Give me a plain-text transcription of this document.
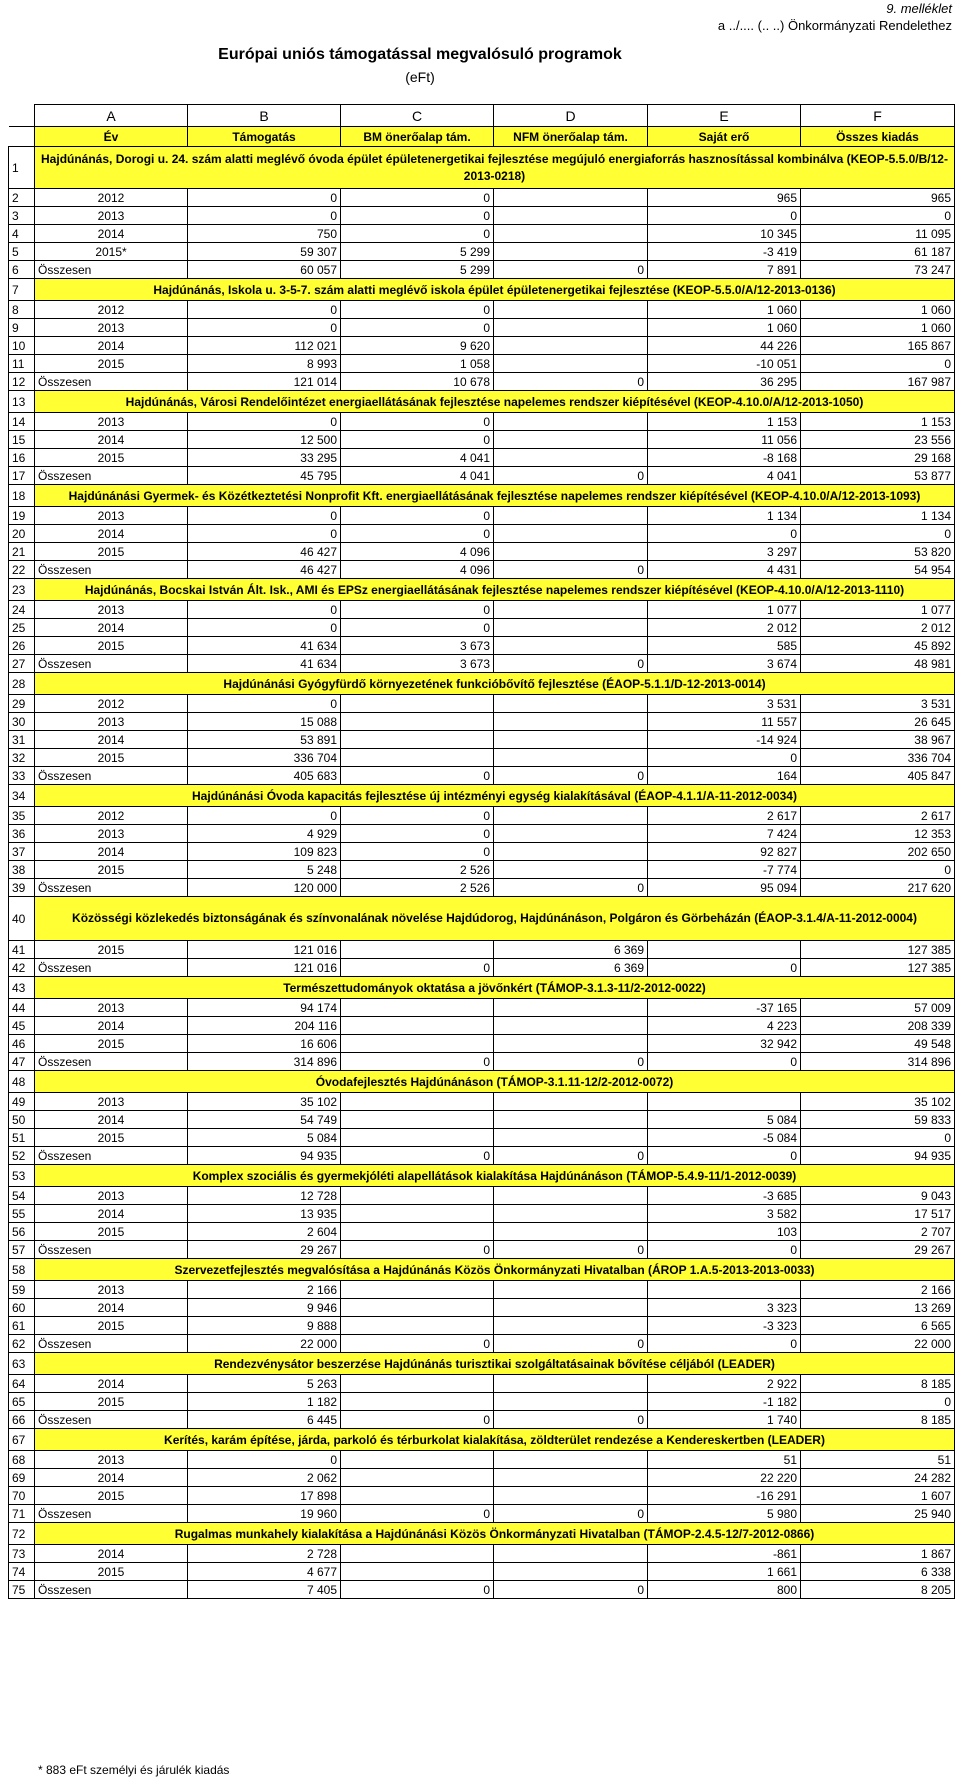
9. melléklet
a ../.... (.. ..) Önkormányzati Rendelethez
Európai uniós támogatással megvalósuló programok
(eFt)
	A	B	C	D	E	F
	Év	Támogatás	BM önerőalap tám.	NFM önerőalap tám.	Saját erő	Összes kiadás
1	Hajdúnánás, Dorogi u. 24. szám alatti meglévő óvoda épület épületenergetikai fejlesztése megújuló energiaforrás hasznosítással kombinálva (KEOP-5.5.0/B/12-2013-0218)					
2	2012	0	0		965	965
3	2013	0	0		0	0
4	2014	750	0		10 345	11 095
5	2015*	59 307	5 299		-3 419	61 187
6	Összesen	60 057	5 299	0	7 891	73 247
7	Hajdúnánás, Iskola u. 3-5-7. szám alatti meglévő iskola épület épületenergetikai fejlesztése (KEOP-5.5.0/A/12-2013-0136)					
8	2012	0	0		1 060	1 060
9	2013	0	0		1 060	1 060
10	2014	112 021	9 620		44 226	165 867
11	2015	8 993	1 058		-10 051	0
12	Összesen	121 014	10 678	0	36 295	167 987
13	Hajdúnánás, Városi Rendelőintézet energiaellátásának fejlesztése napelemes rendszer kiépítésével (KEOP-4.10.0/A/12-2013-1050)					
14	2013	0	0		1 153	1 153
15	2014	12 500	0		11 056	23 556
16	2015	33 295	4 041		-8 168	29 168
17	Összesen	45 795	4 041	0	4 041	53 877
18	Hajdúnánási Gyermek- és Közétkeztetési Nonprofit Kft. energiaellátásának fejlesztése napelemes rendszer kiépítésével (KEOP-4.10.0/A/12-2013-1093)					
19	2013	0	0		1 134	1 134
20	2014	0	0		0	0
21	2015	46 427	4 096		3 297	53 820
22	Összesen	46 427	4 096	0	4 431	54 954
23	Hajdúnánás, Bocskai István Ált. Isk., AMI és EPSz energiaellátásának fejlesztése napelemes rendszer kiépítésével (KEOP-4.10.0/A/12-2013-1110)					
24	2013	0	0		1 077	1 077
25	2014	0	0		2 012	2 012
26	2015	41 634	3 673		585	45 892
27	Összesen	41 634	3 673	0	3 674	48 981
28	Hajdúnánási Gyógyfürdő környezetének funkcióbővítő fejlesztése (ÉAOP-5.1.1/D-12-2013-0014)					
29	2012	0			3 531	3 531
30	2013	15 088			11 557	26 645
31	2014	53 891			-14 924	38 967
32	2015	336 704			0	336 704
33	Összesen	405 683	0	0	164	405 847
34	Hajdúnánási Óvoda kapacitás fejlesztése új intézményi egység kialakításával (ÉAOP-4.1.1/A-11-2012-0034)					
35	2012	0	0		2 617	2 617
36	2013	4 929	0		7 424	12 353
37	2014	109 823	0		92 827	202 650
38	2015	5 248	2 526		-7 774	0
39	Összesen	120 000	2 526	0	95 094	217 620
40	Közösségi közlekedés biztonságának és színvonalának növelése Hajdúdorog, Hajdúnánáson, Polgáron és Görbeházán (ÉAOP-3.1.4/A-11-2012-0004)					
41	2015	121 016		6 369		127 385
42	Összesen	121 016	0	6 369	0	127 385
43	Természettudományok oktatása a jövőnkért (TÁMOP-3.1.3-11/2-2012-0022)					
44	2013	94 174			-37 165	57 009
45	2014	204 116			4 223	208 339
46	2015	16 606			32 942	49 548
47	Összesen	314 896	0	0	0	314 896
48	Óvodafejlesztés Hajdúnánáson (TÁMOP-3.1.11-12/2-2012-0072)					
49	2013	35 102				35 102
50	2014	54 749			5 084	59 833
51	2015	5 084			-5 084	0
52	Összesen	94 935	0	0	0	94 935
53	Komplex szociális és gyermekjóléti alapellátások kialakítása Hajdúnánáson (TÁMOP-5.4.9-11/1-2012-0039)					
54	2013	12 728			-3 685	9 043
55	2014	13 935			3 582	17 517
56	2015	2 604			103	2 707
57	Összesen	29 267	0	0	0	29 267
58	Szervezetfejlesztés megvalósítása a Hajdúnánás Közös Önkormányzati Hivatalban (ÁROP 1.A.5-2013-2013-0033)					
59	2013	2 166				2 166
60	2014	9 946			3 323	13 269
61	2015	9 888			-3 323	6 565
62	Összesen	22 000	0	0	0	22 000
63	Rendezvénysátor beszerzése Hajdúnánás turisztikai szolgáltatásainak bővítése céljából (LEADER)					
64	2014	5 263			2 922	8 185
65	2015	1 182			-1 182	0
66	Összesen	6 445	0	0	1 740	8 185
67	Kerítés, karám építése, járda, parkoló és térburkolat kialakítása, zöldterület rendezése a Kendereskertben (LEADER)					
68	2013	0			51	51
69	2014	2 062			22 220	24 282
70	2015	17 898			-16 291	1 607
71	Összesen	19 960	0	0	5 980	25 940
72	Rugalmas munkahely kialakítása a Hajdúnánási Közös Önkormányzati Hivatalban (TÁMOP-2.4.5-12/7-2012-0866)					
73	2014	2 728			-861	1 867
74	2015	4 677			1 661	6 338
75	Összesen	7 405	0	0	800	8 205
* 883 eFt személyi és járulék kiadás
